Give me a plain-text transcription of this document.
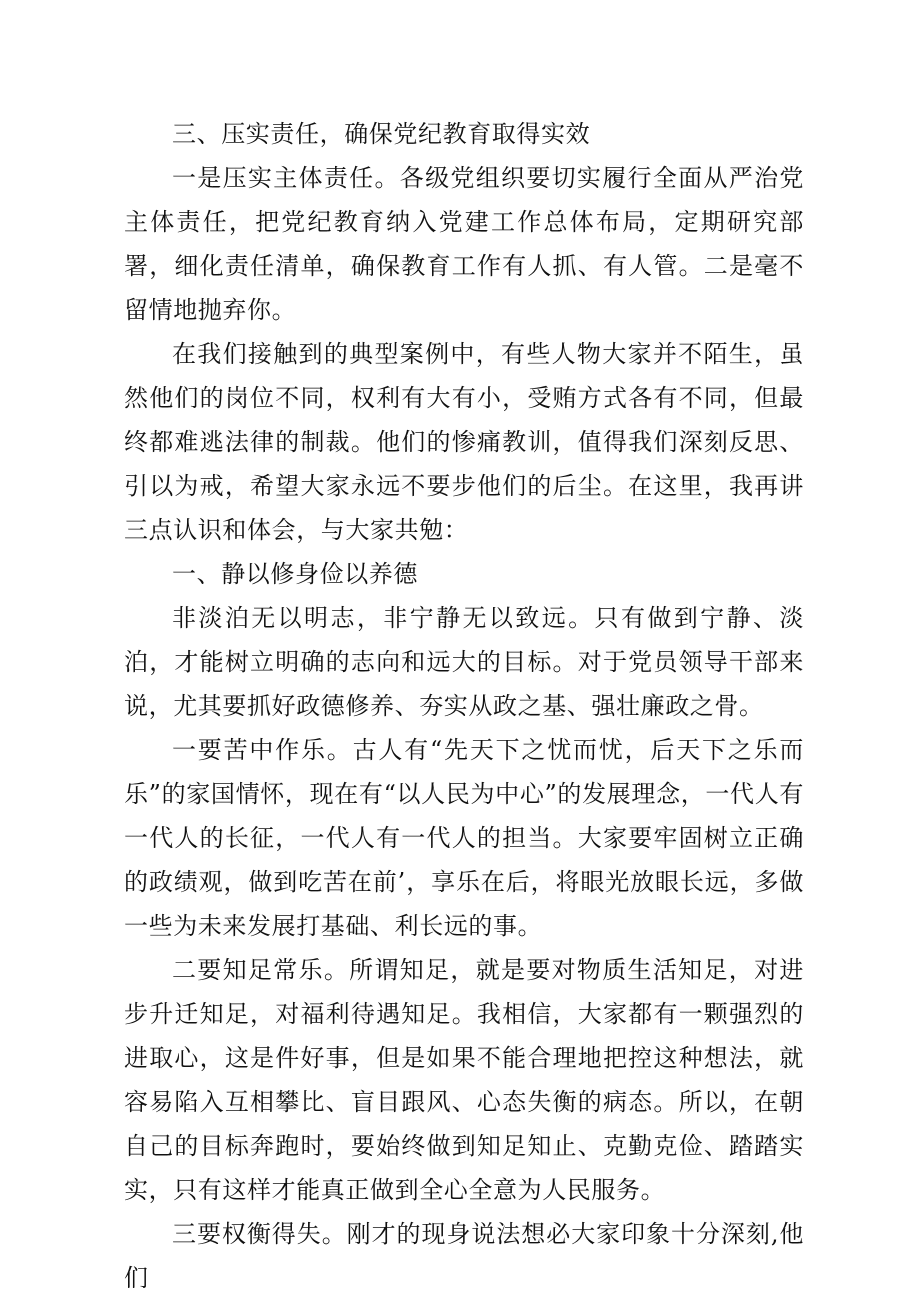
三、压实责任，确保党纪教育取得实效

一是压实主体责任。各级党组织要切实履行全面从严治党主体责任，把党纪教育纳入党建工作总体布局，定期研究部署，细化责任清单，确保教育工作有人抓、有人管。二是毫不留情地抛弃你。

在我们接触到的典型案例中，有些人物大家并不陌生，虽然他们的岗位不同，权利有大有小，受贿方式各有不同，但最终都难逃法律的制裁。他们的惨痛教训，值得我们深刻反思、引以为戒，希望大家永远不要步他们的后尘。在这里，我再讲三点认识和体会，与大家共勉：

一、静以修身俭以养德

非淡泊无以明志，非宁静无以致远。只有做到宁静、淡泊，才能树立明确的志向和远大的目标。对于党员领导干部来说，尤其要抓好政德修养、夯实从政之基、强壮廉政之骨。

一要苦中作乐。古人有“先天下之忧而忧，后天下之乐而乐”的家国情怀，现在有“以人民为中心”的发展理念，一代人有一代人的长征，一代人有一代人的担当。大家要牢固树立正确的政绩观，做到吃苦在前’，享乐在后，将眼光放眼长远，多做一些为未来发展打基础、利长远的事。

二要知足常乐。所谓知足，就是要对物质生活知足，对进步升迁知足，对福利待遇知足。我相信，大家都有一颗强烈的进取心，这是件好事，但是如果不能合理地把控这种想法，就容易陷入互相攀比、盲目跟风、心态失衡的病态。所以，在朝自己的目标奔跑时，要始终做到知足知止、克勤克俭、踏踏实实，只有这样才能真正做到全心全意为人民服务。

三要权衡得失。刚才的现身说法想必大家印象十分深刻,他们
